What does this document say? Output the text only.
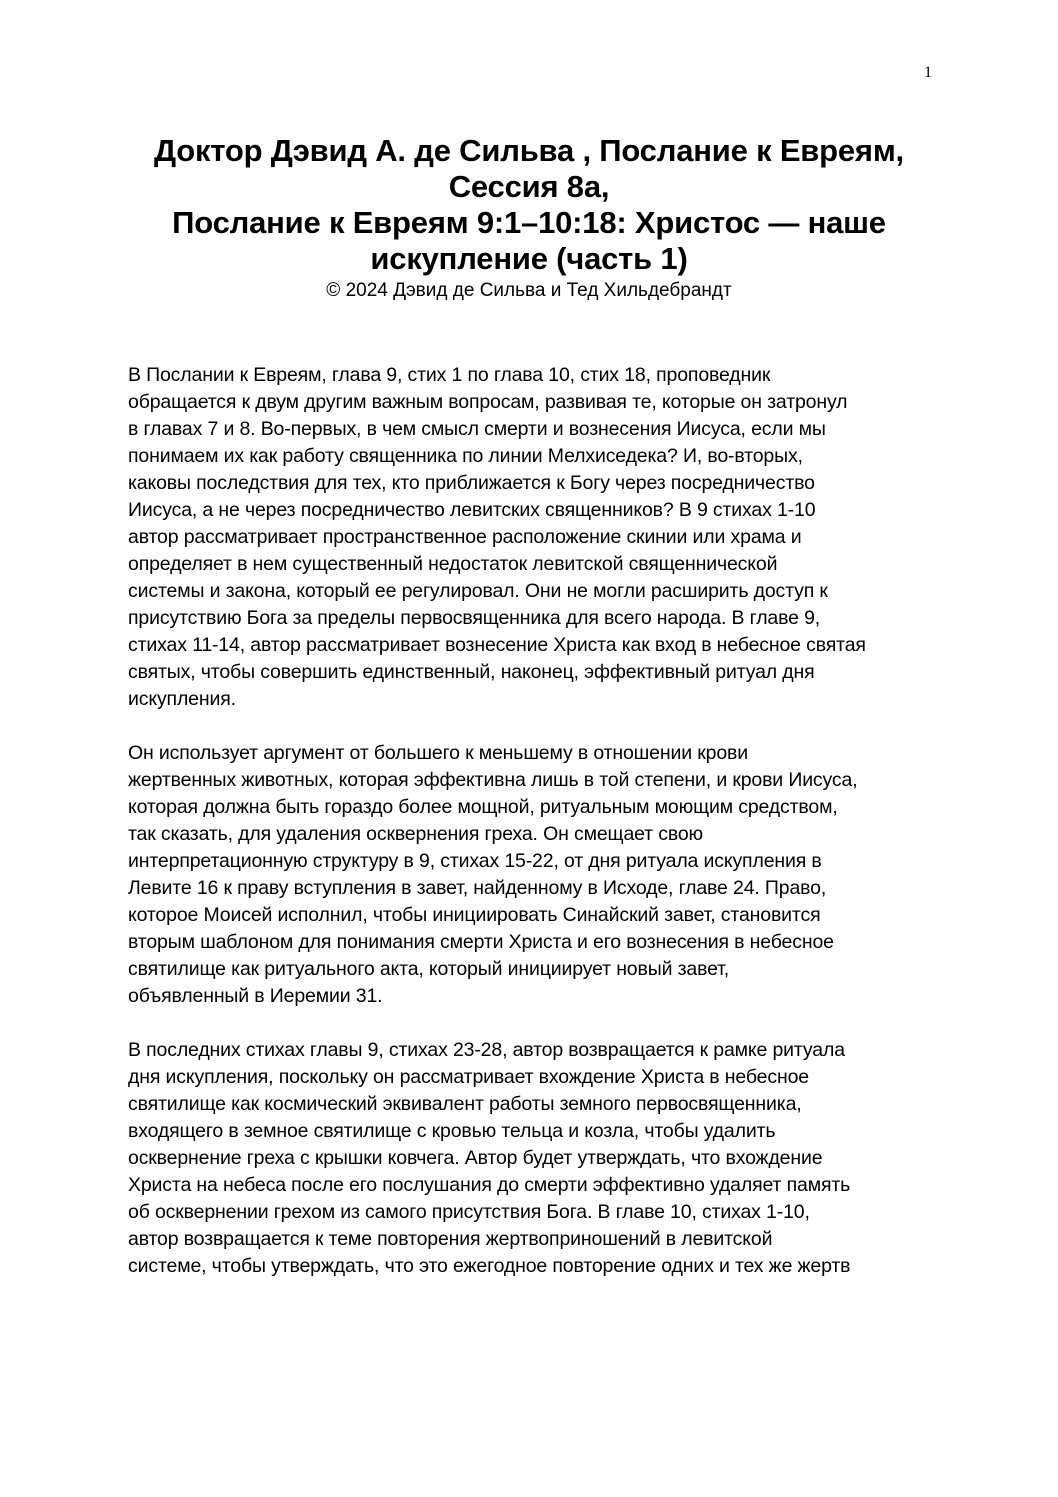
1
Доктор Дэвид А. де Сильва , Послание к Евреям,
Сессия 8а,
Послание к Евреям 9:1–10:18: Христос — наше
искупление (часть 1)
© 2024 Дэвид де Сильва и Тед Хильдебрандт
В Послании к Евреям, глава 9, стих 1 по глава 10, стих 18, проповедник
обращается к двум другим важным вопросам, развивая те, которые он затронул
в главах 7 и 8. Во-первых, в чем смысл смерти и вознесения Иисуса, если мы
понимаем их как работу священника по линии Мелхиседека? И, во-вторых,
каковы последствия для тех, кто приближается к Богу через посредничество
Иисуса, а не через посредничество левитских священников? В 9 стихах 1-10
автор рассматривает пространственное расположение скинии или храма и
определяет в нем существенный недостаток левитской священнической
системы и закона, который ее регулировал. Они не могли расширить доступ к
присутствию Бога за пределы первосвященника для всего народа. В главе 9,
стихах 11-14, автор рассматривает вознесение Христа как вход в небесное святая
святых, чтобы совершить единственный, наконец, эффективный ритуал дня
искупления.
Он использует аргумент от большего к меньшему в отношении крови
жертвенных животных, которая эффективна лишь в той степени, и крови Иисуса,
которая должна быть гораздо более мощной, ритуальным моющим средством,
так сказать, для удаления осквернения греха. Он смещает свою
интерпретационную структуру в 9, стихах 15-22, от дня ритуала искупления в
Левите 16 к праву вступления в завет, найденному в Исходе, главе 24. Право,
которое Моисей исполнил, чтобы инициировать Синайский завет, становится
вторым шаблоном для понимания смерти Христа и его вознесения в небесное
святилище как ритуального акта, который инициирует новый завет,
объявленный в Иеремии 31.
В последних стихах главы 9, стихах 23-28, автор возвращается к рамке ритуала
дня искупления, поскольку он рассматривает вхождение Христа в небесное
святилище как космический эквивалент работы земного первосвященника,
входящего в земное святилище с кровью тельца и козла, чтобы удалить
осквернение греха с крышки ковчега. Автор будет утверждать, что вхождение
Христа на небеса после его послушания до смерти эффективно удаляет память
об осквернении грехом из самого присутствия Бога. В главе 10, стихах 1-10,
автор возвращается к теме повторения жертвоприношений в левитской
системе, чтобы утверждать, что это ежегодное повторение одних и тех же жертв
